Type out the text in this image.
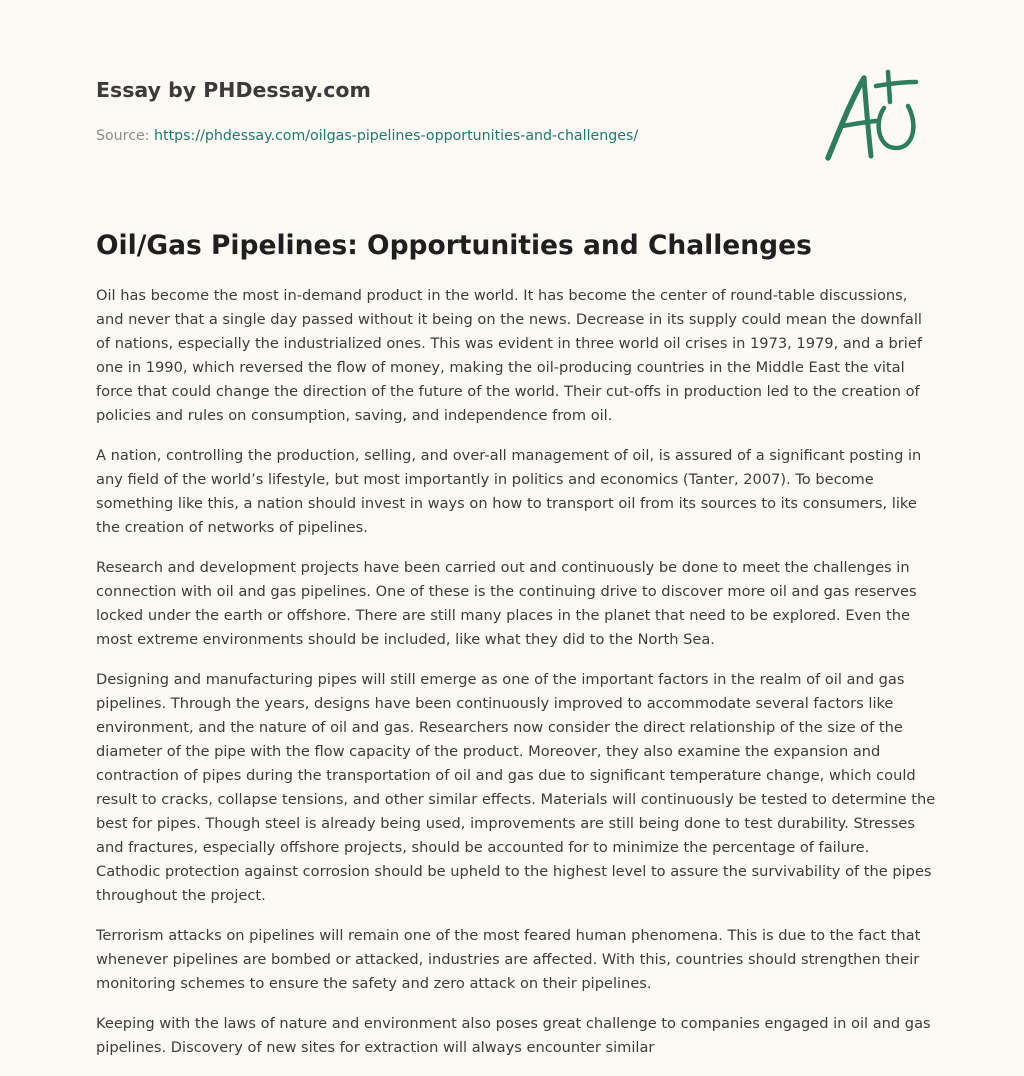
Essay by PHDessay.com

Source: https://phdessay.com/oilgas-pipelines-opportunities-and-challenges/
Oil/Gas Pipelines: Opportunities and Challenges

Oil has become the most in-demand product in the world. It has become the center of round-table discussions, and never that a single day passed without it being on the news. Decrease in its supply could mean the downfall of nations, especially the industrialized ones. This was evident in three world oil crises in 1973, 1979, and a brief one in 1990, which reversed the flow of money, making the oil-producing countries in the Middle East the vital force that could change the direction of the future of the world. Their cut-offs in production led to the creation of policies and rules on consumption, saving, and independence from oil.

A nation, controlling the production, selling, and over-all management of oil, is assured of a significant posting in any field of the world’s lifestyle, but most importantly in politics and economics (Tanter, 2007). To become something like this, a nation should invest in ways on how to transport oil from its sources to its consumers, like the creation of networks of pipelines.

Research and development projects have been carried out and continuously be done to meet the challenges in connection with oil and gas pipelines. One of these is the continuing drive to discover more oil and gas reserves locked under the earth or offshore. There are still many places in the planet that need to be explored. Even the most extreme environments should be included, like what they did to the North Sea.

Designing and manufacturing pipes will still emerge as one of the important factors in the realm of oil and gas pipelines. Through the years, designs have been continuously improved to accommodate several factors like environment, and the nature of oil and gas. Researchers now consider the direct relationship of the size of the diameter of the pipe with the flow capacity of the product. Moreover, they also examine the expansion and contraction of pipes during the transportation of oil and gas due to significant temperature change, which could result to cracks, collapse tensions, and other similar effects. Materials will continuously be tested to determine the best for pipes. Though steel is already being used, improvements are still being done to test durability. Stresses and fractures, especially offshore projects, should be accounted for to minimize the percentage of failure. Cathodic protection against corrosion should be upheld to the highest level to assure the survivability of the pipes throughout the project.

Terrorism attacks on pipelines will remain one of the most feared human phenomena. This is due to the fact that whenever pipelines are bombed or attacked, industries are affected. With this, countries should strengthen their monitoring schemes to ensure the safety and zero attack on their pipelines.

Keeping with the laws of nature and environment also poses great challenge to companies engaged in oil and gas pipelines. Discovery of new sites for extraction will always encounter similar
